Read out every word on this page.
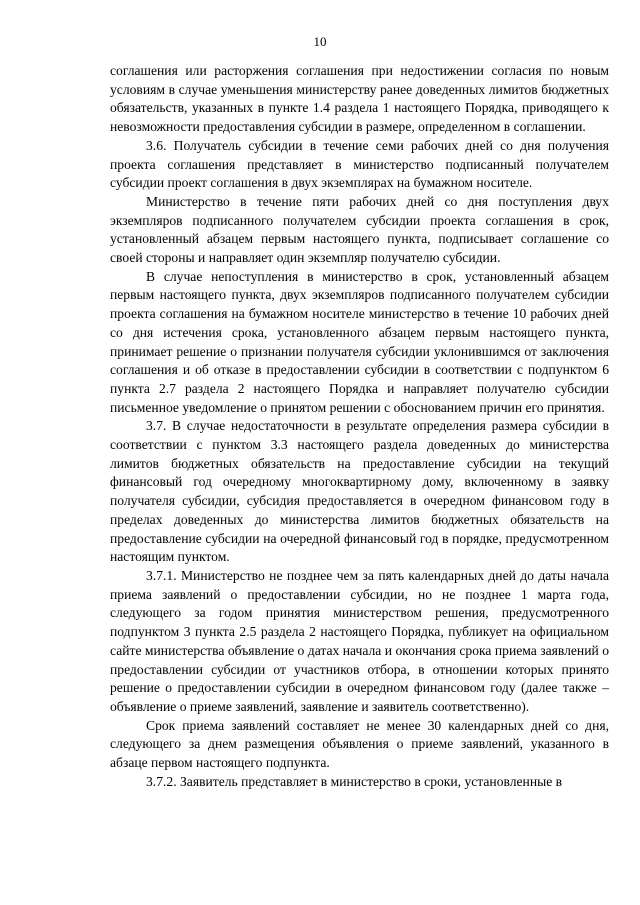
10

соглашения или расторжения соглашения при недостижении согласия по новым условиям в случае уменьшения министерству ранее доведенных лимитов бюджетных обязательств, указанных в пункте 1.4 раздела 1 настоящего Порядка, приводящего к невозможности предоставления субсидии в размере, определенном в соглашении.

3.6. Получатель субсидии в течение семи рабочих дней со дня получения проекта соглашения представляет в министерство подписанный получателем субсидии проект соглашения в двух экземплярах на бумажном носителе.

Министерство в течение пяти рабочих дней со дня поступления двух экземпляров подписанного получателем субсидии проекта соглашения в срок, установленный абзацем первым настоящего пункта, подписывает соглашение со своей стороны и направляет один экземпляр получателю субсидии.

В случае непоступления в министерство в срок, установленный абзацем первым настоящего пункта, двух экземпляров подписанного получателем субсидии проекта соглашения на бумажном носителе министерство в течение 10 рабочих дней со дня истечения срока, установленного абзацем первым настоящего пункта, принимает решение о признании получателя субсидии уклонившимся от заключения соглашения и об отказе в предоставлении субсидии в соответствии с подпунктом 6 пункта 2.7 раздела 2 настоящего Порядка и направляет получателю субсидии письменное уведомление о принятом решении с обоснованием причин его принятия.

3.7. В случае недостаточности в результате определения размера субсидии в соответствии с пунктом 3.3 настоящего раздела доведенных до министерства лимитов бюджетных обязательств на предоставление субсидии на текущий финансовый год очередному многоквартирному дому, включенному в заявку получателя субсидии, субсидия предоставляется в очередном финансовом году в пределах доведенных до министерства лимитов бюджетных обязательств на предоставление субсидии на очередной финансовый год в порядке, предусмотренном настоящим пунктом.

3.7.1. Министерство не позднее чем за пять календарных дней до даты начала приема заявлений о предоставлении субсидии, но не позднее 1 марта года, следующего за годом принятия министерством решения, предусмотренного подпунктом 3 пункта 2.5 раздела 2 настоящего Порядка, публикует на официальном сайте министерства объявление о датах начала и окончания срока приема заявлений о предоставлении субсидии от участников отбора, в отношении которых принято решение о предоставлении субсидии в очередном финансовом году (далее также – объявление о приеме заявлений, заявление и заявитель соответственно).

Срок приема заявлений составляет не менее 30 календарных дней со дня, следующего за днем размещения объявления о приеме заявлений, указанного в абзаце первом настоящего подпункта.

3.7.2. Заявитель представляет в министерство в сроки, установленные в
